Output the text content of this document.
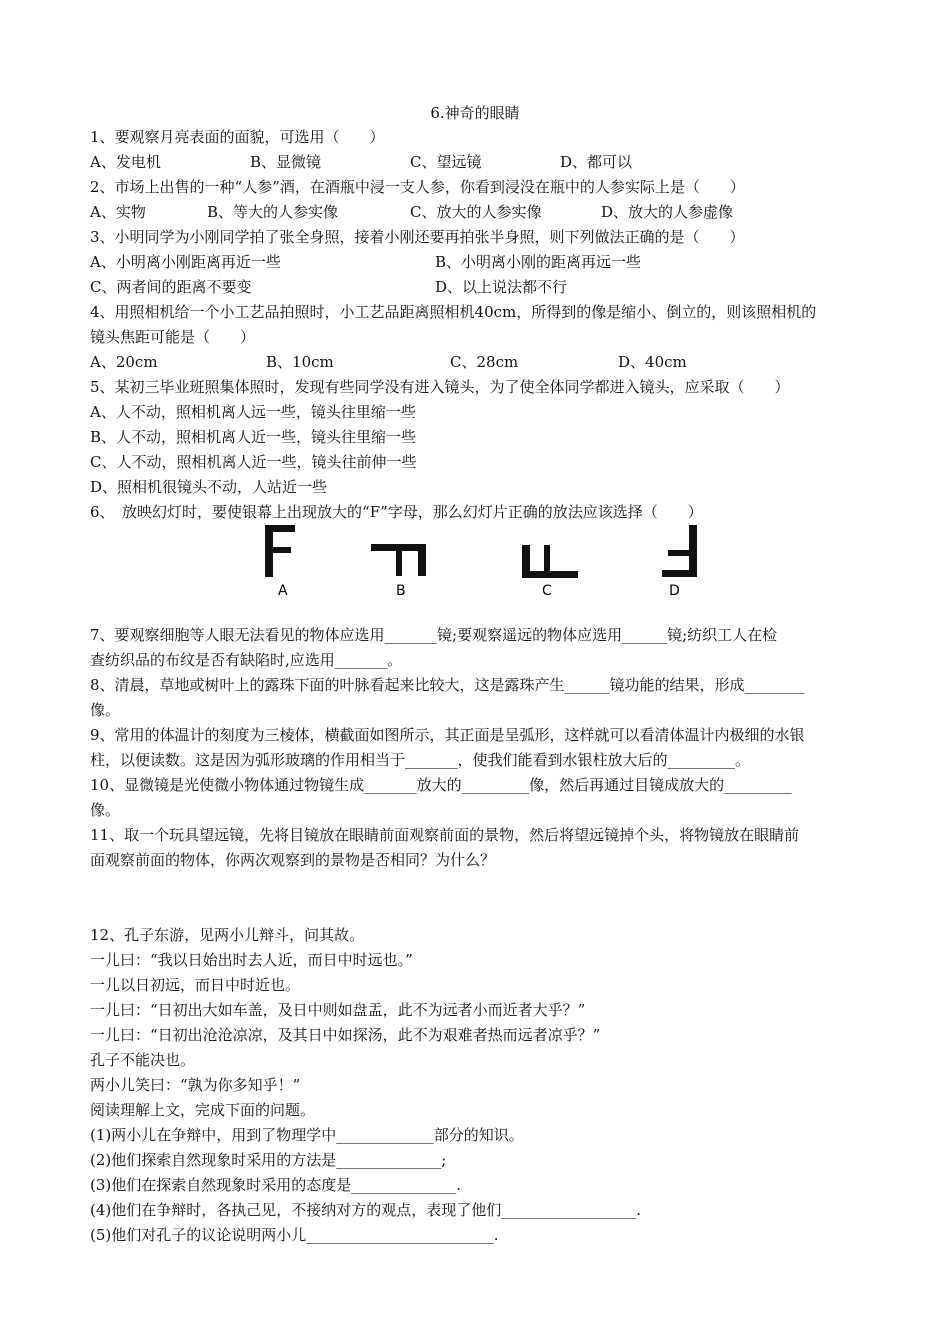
6.神奇的眼睛
1、要观察月亮表面的面貌，可选用（　　）
A、发电机	B、显微镜	C、望远镜	D、都可以
2、市场上出售的一种“人参”酒，在酒瓶中浸一支人参，你看到浸没在瓶中的人参实际上是（　　）
A、实物	B、等大的人参实像	C、放大的人参实像	D、放大的人参虚像
3、小明同学为小刚同学拍了张全身照，接着小刚还要再拍张半身照，则下列做法正确的是（　　）
A、小明离小刚距离再近一些	B、小明离小刚的距离再远一些
C、两者间的距离不要变	D、以上说法都不行
4、用照相机给一个小工艺品拍照时，小工艺品距离照相机40cm，所得到的像是缩小、倒立的，则该照相机的
镜头焦距可能是（　　）
A、20cm	B、10cm	C、28cm	D、40cm
5、某初三毕业班照集体照时，发现有些同学没有进入镜头，为了使全体同学都进入镜头，应采取（　　）
A、人不动，照相机离人远一些，镜头往里缩一些
B、人不动，照相机离人近一些，镜头往里缩一些
C、人不动，照相机离人近一些，镜头往前伸一些
D、照相机很镜头不动，人站近一些
6、　放映幻灯时，要使银幕上出现放大的“F”字母，那么幻灯片正确的放法应该选择（　　）
A	B	C	D
7、要观察细胞等人眼无法看见的物体应选用_______镜;要观察遥远的物体应选用______镜;纺织工人在检
查纺织品的布纹是否有缺陷时,应选用_______。
8、清晨，草地或树叶上的露珠下面的叶脉看起来比较大，这是露珠产生______镜功能的结果，形成________
像。
9、常用的体温计的刻度为三棱体，横截面如图所示，其正面是呈弧形，这样就可以看清体温计内极细的水银
柱，以便读数。这是因为弧形玻璃的作用相当于_______，使我们能看到水银柱放大后的_________。
10、显微镜是光使微小物体通过物镜生成_______放大的_________像，然后再通过目镜成放大的_________
像。
11、取一个玩具望远镜，先将目镜放在眼睛前面观察前面的景物，然后将望远镜掉个头，将物镜放在眼睛前
面观察前面的物体，你两次观察到的景物是否相同？为什么？
12、孔子东游，见两小儿辩斗，问其故。
一儿曰：“我以日始出时去人近，而日中时远也。”
一儿以日初远，而日中时近也。
一儿曰：“日初出大如车盖，及日中则如盘盂，此不为远者小而近者大乎？”
一儿曰：“日初出沧沧凉凉，及其日中如探汤，此不为艰难者热而远者凉乎？”
孔子不能决也。
两小儿笑曰：“孰为你多知乎！”
阅读理解上文，完成下面的问题。
(1)两小儿在争辩中，用到了物理学中_____________部分的知识。
(2)他们探索自然现象时采用的方法是______________;
(3)他们在探索自然现象时采用的态度是______________.
(4)他们在争辩时，各执己见，不接纳对方的观点，表现了他们__________________.
(5)他们对孔子的议论说明两小儿_________________________.
